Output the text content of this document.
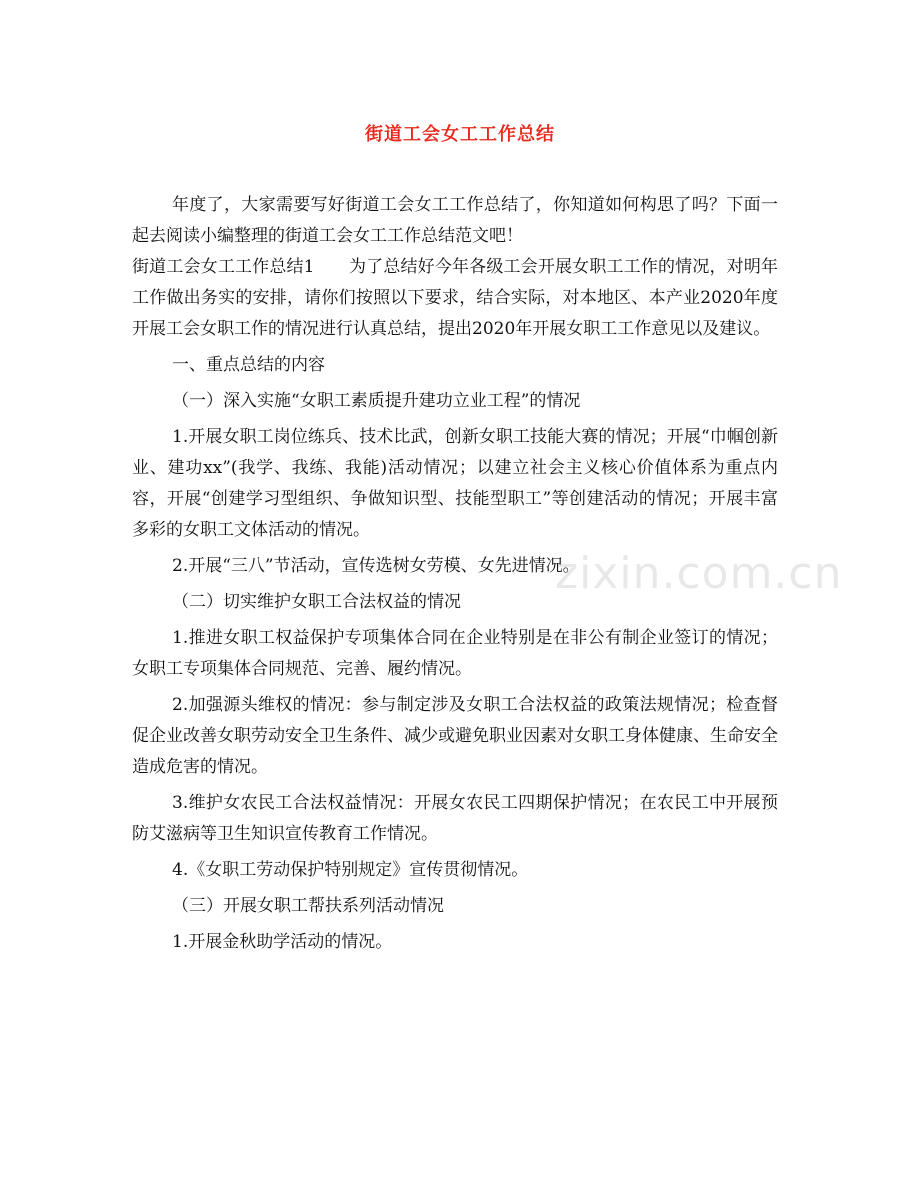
街道工会女工工作总结

年度了，大家需要写好街道工会女工工作总结了，你知道如何构思了吗？下面一起去阅读小编整理的街道工会女工工作总结范文吧！

街道工会女工工作总结1　　为了总结好今年各级工会开展女职工工作的情况，对明年工作做出务实的安排，请你们按照以下要求，结合实际，对本地区、本产业2020年度开展工会女职工作的情况进行认真总结，提出2020年开展女职工工作意见以及建议。

一、重点总结的内容

（一）深入实施“女职工素质提升建功立业工程”的情况

1.开展女职工岗位练兵、技术比武，创新女职工技能大赛的情况；开展“巾帼创新业、建功xx”(我学、我练、我能)活动情况；以建立社会主义核心价值体系为重点内容，开展“创建学习型组织、争做知识型、技能型职工”等创建活动的情况；开展丰富多彩的女职工文体活动的情况。

2.开展“三八”节活动，宣传选树女劳模、女先进情况。

（二）切实维护女职工合法权益的情况

1.推进女职工权益保护专项集体合同在企业特别是在非公有制企业签订的情况；女职工专项集体合同规范、完善、履约情况。

2.加强源头维权的情况：参与制定涉及女职工合法权益的政策法规情况；检查督促企业改善女职劳动安全卫生条件、减少或避免职业因素对女职工身体健康、生命安全造成危害的情况。

3.维护女农民工合法权益情况：开展女农民工四期保护情况；在农民工中开展预防艾滋病等卫生知识宣传教育工作情况。

4.《女职工劳动保护特别规定》宣传贯彻情况。

（三）开展女职工帮扶系列活动情况

1.开展金秋助学活动的情况。

zixin.com.cn
